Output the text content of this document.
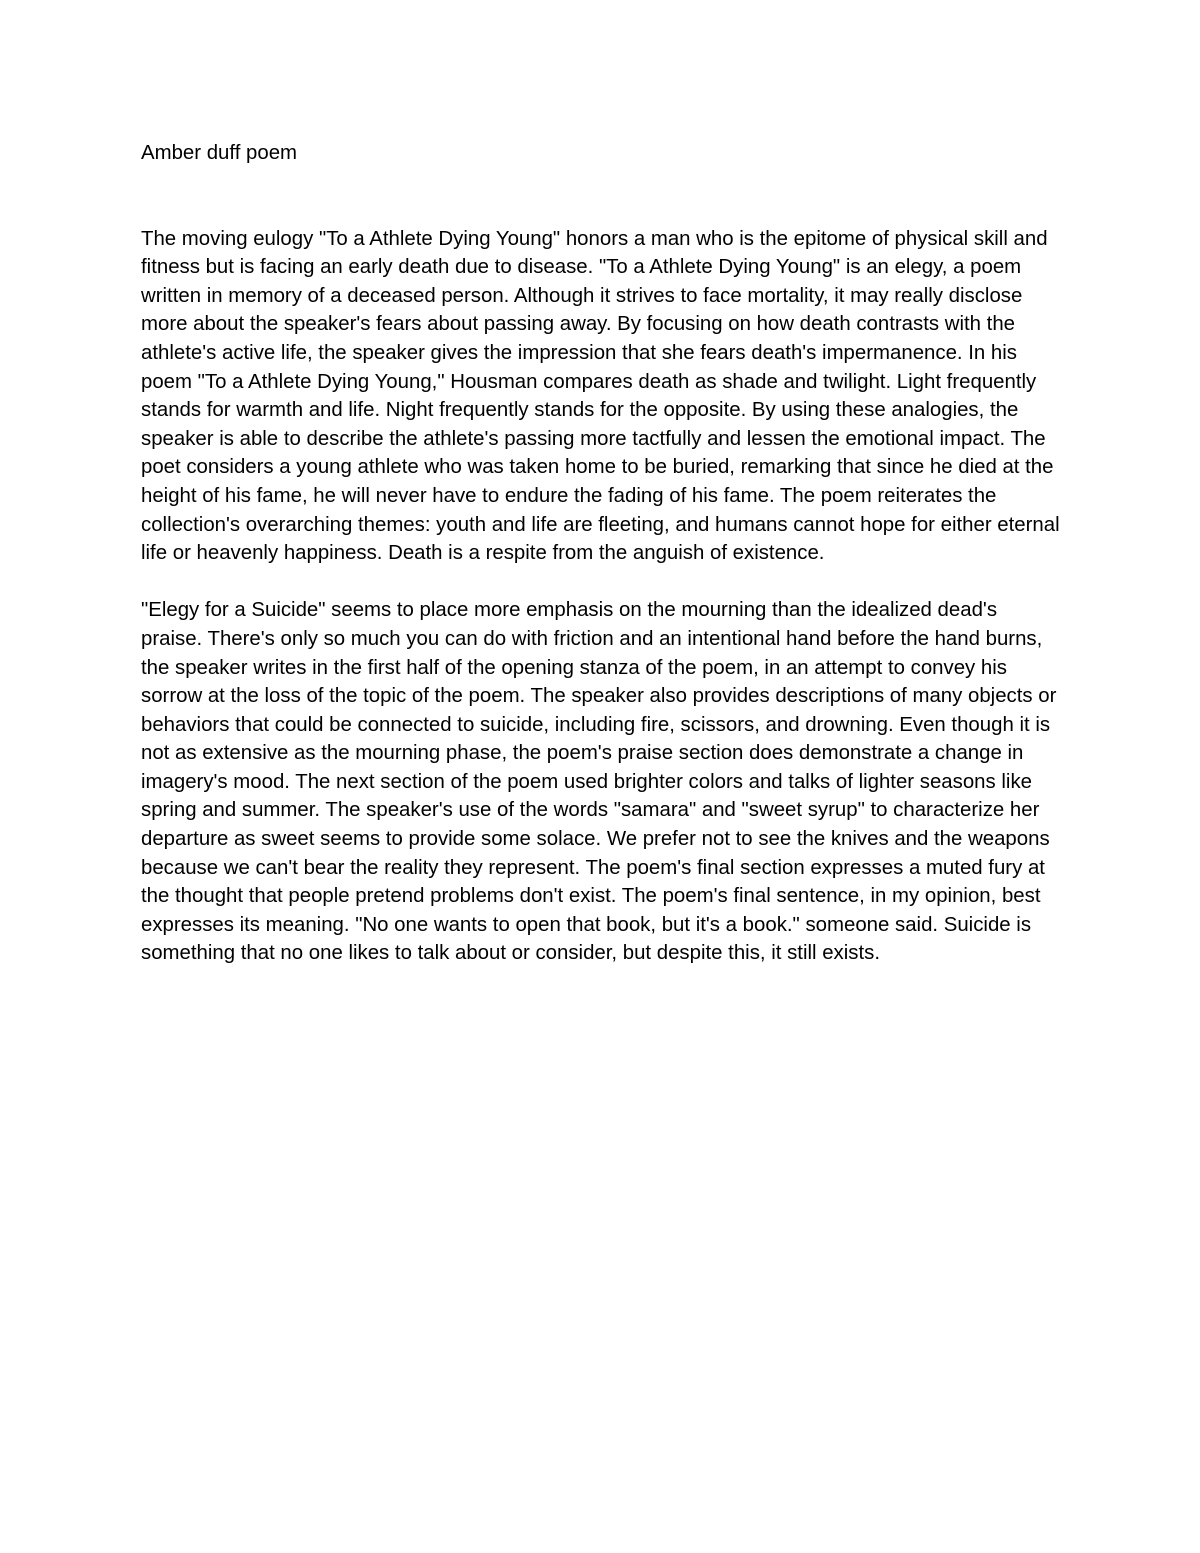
Amber duff poem

The moving eulogy "To a Athlete Dying Young" honors a man who is the epitome of physical skill and fitness but is facing an early death due to disease. "To a Athlete Dying Young" is an elegy, a poem written in memory of a deceased person. Although it strives to face mortality, it may really disclose more about the speaker's fears about passing away. By focusing on how death contrasts with the athlete's active life, the speaker gives the impression that she fears death's impermanence. In his poem "To a Athlete Dying Young," Housman compares death as shade and twilight. Light frequently stands for warmth and life. Night frequently stands for the opposite. By using these analogies, the speaker is able to describe the athlete's passing more tactfully and lessen the emotional impact. The poet considers a young athlete who was taken home to be buried, remarking that since he died at the height of his fame, he will never have to endure the fading of his fame. The poem reiterates the collection's overarching themes: youth and life are fleeting, and humans cannot hope for either eternal life or heavenly happiness. Death is a respite from the anguish of existence.

"Elegy for a Suicide" seems to place more emphasis on the mourning than the idealized dead's praise. There's only so much you can do with friction and an intentional hand before the hand burns, the speaker writes in the first half of the opening stanza of the poem, in an attempt to convey his sorrow at the loss of the topic of the poem. The speaker also provides descriptions of many objects or behaviors that could be connected to suicide, including fire, scissors, and drowning. Even though it is not as extensive as the mourning phase, the poem's praise section does demonstrate a change in imagery's mood. The next section of the poem used brighter colors and talks of lighter seasons like spring and summer. The speaker's use of the words "samara" and "sweet syrup" to characterize her departure as sweet seems to provide some solace. We prefer not to see the knives and the weapons because we can't bear the reality they represent. The poem's final section expresses a muted fury at the thought that people pretend problems don't exist. The poem's final sentence, in my opinion, best expresses its meaning. "No one wants to open that book, but it's a book." someone said. Suicide is something that no one likes to talk about or consider, but despite this, it still exists.
